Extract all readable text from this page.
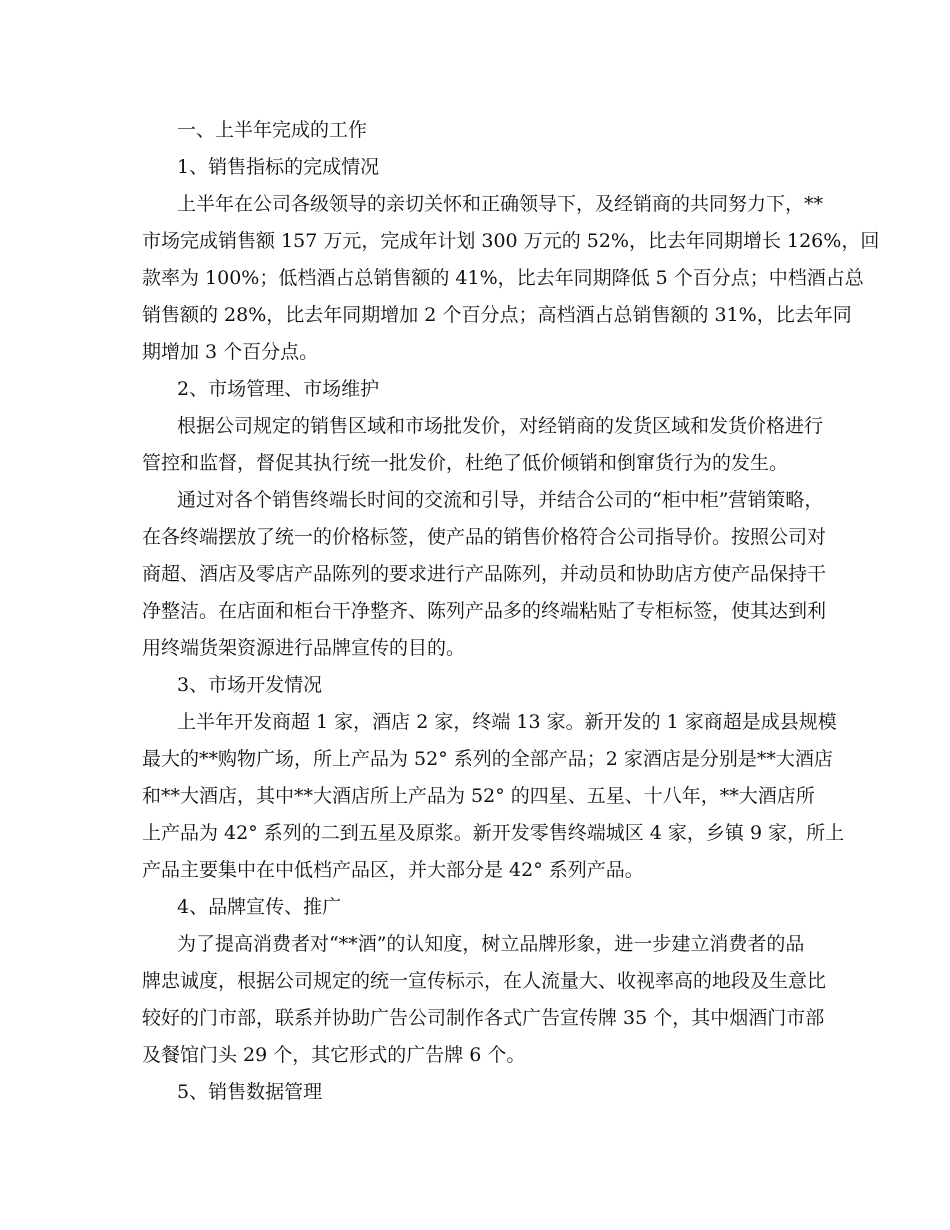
一、上半年完成的工作
1、销售指标的完成情况
上半年在公司各级领导的亲切关怀和正确领导下，及经销商的共同努力下，**
市场完成销售额 157 万元，完成年计划 300 万元的 52%，比去年同期增长 126%，回
款率为 100%；低档酒占总销售额的 41%，比去年同期降低 5 个百分点；中档酒占总
销售额的 28%，比去年同期增加 2 个百分点；高档酒占总销售额的 31%，比去年同
期增加 3 个百分点。
2、市场管理、市场维护
根据公司规定的销售区域和市场批发价，对经销商的发货区域和发货价格进行
管控和监督，督促其执行统一批发价，杜绝了低价倾销和倒窜货行为的发生。
通过对各个销售终端长时间的交流和引导，并结合公司的“柜中柜”营销策略，
在各终端摆放了统一的价格标签，使产品的销售价格符合公司指导价。按照公司对
商超、酒店及零店产品陈列的要求进行产品陈列，并动员和协助店方使产品保持干
净整洁。在店面和柜台干净整齐、陈列产品多的终端粘贴了专柜标签，使其达到利
用终端货架资源进行品牌宣传的目的。
3、市场开发情况
上半年开发商超 1 家，酒店 2 家，终端 13 家。新开发的 1 家商超是成县规模
最大的**购物广场，所上产品为 52° 系列的全部产品；2 家酒店是分别是**大酒店
和**大酒店，其中**大酒店所上产品为 52° 的四星、五星、十八年，**大酒店所
上产品为 42° 系列的二到五星及原浆。新开发零售终端城区 4 家，乡镇 9 家，所上
产品主要集中在中低档产品区，并大部分是 42° 系列产品。
4、品牌宣传、推广
为了提高消费者对“**酒”的认知度，树立品牌形象，进一步建立消费者的品
牌忠诚度，根据公司规定的统一宣传标示，在人流量大、收视率高的地段及生意比
较好的门市部，联系并协助广告公司制作各式广告宣传牌 35 个，其中烟酒门市部
及餐馆门头 29 个，其它形式的广告牌 6 个。
5、销售数据管理
